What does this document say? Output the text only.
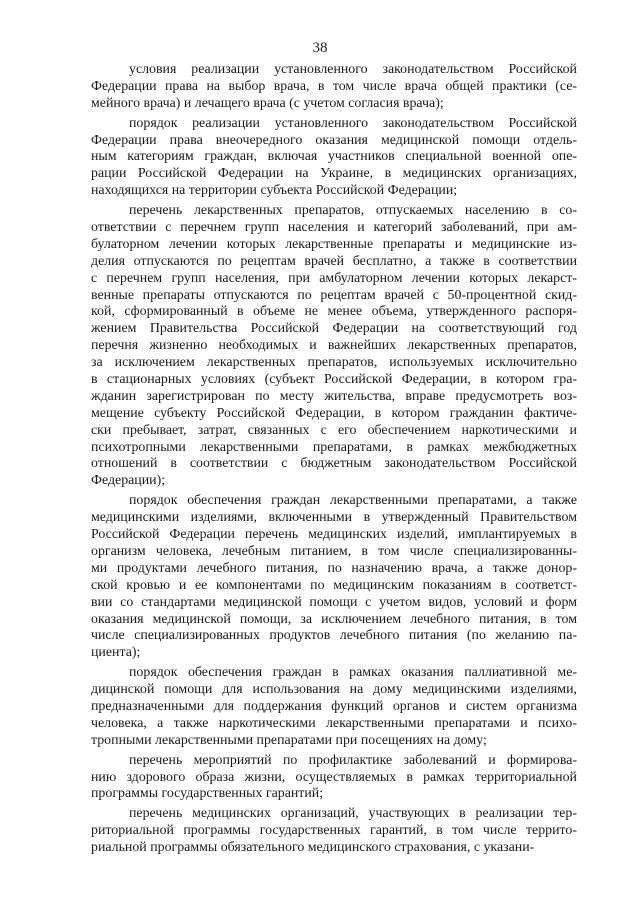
38
условия реализации установленного законодательством Российской
Федерации права на выбор врача, в том числе врача общей практики (се-
мейного врача) и лечащего врача (с учетом согласия врача);
порядок реализации установленного законодательством Российской
Федерации права внеочередного оказания медицинской помощи отдель-
ным категориям граждан, включая участников специальной военной опе-
рации Российской Федерации на Украине, в медицинских организациях,
находящихся на территории субъекта Российской Федерации;
перечень лекарственных препаратов, отпускаемых населению в со-
ответствии с перечнем групп населения и категорий заболеваний, при ам-
булаторном лечении которых лекарственные препараты и медицинские из-
делия отпускаются по рецептам врачей бесплатно, а также в соответствии
с перечнем групп населения, при амбулаторном лечении которых лекарст-
венные препараты отпускаются по рецептам врачей с 50-процентной скид-
кой, сформированный в объеме не менее объема, утвержденного распоря-
жением Правительства Российской Федерации на соответствующий год
перечня жизненно необходимых и важнейших лекарственных препаратов,
за исключением лекарственных препаратов, используемых исключительно
в стационарных условиях (субъект Российской Федерации, в котором гра-
жданин зарегистрирован по месту жительства, вправе предусмотреть воз-
мещение субъекту Российской Федерации, в котором гражданин фактиче-
ски пребывает, затрат, связанных с его обеспечением наркотическими и
психотропными лекарственными препаратами, в рамках межбюджетных
отношений в соответствии с бюджетным законодательством Российской
Федерации);
порядок обеспечения граждан лекарственными препаратами, а также
медицинскими изделиями, включенными в утвержденный Правительством
Российской Федерации перечень медицинских изделий, имплантируемых в
организм человека, лечебным питанием, в том числе специализированны-
ми продуктами лечебного питания, по назначению врача, а также донор-
ской кровью и ее компонентами по медицинским показаниям в соответст-
вии со стандартами медицинской помощи с учетом видов, условий и форм
оказания медицинской помощи, за исключением лечебного питания, в том
числе специализированных продуктов лечебного питания (по желанию па-
циента);
порядок обеспечения граждан в рамках оказания паллиативной ме-
дицинской помощи для использования на дому медицинскими изделиями,
предназначенными для поддержания функций органов и систем организма
человека, а также наркотическими лекарственными препаратами и психо-
тропными лекарственными препаратами при посещениях на дому;
перечень мероприятий по профилактике заболеваний и формирова-
нию здорового образа жизни, осуществляемых в рамках территориальной
программы государственных гарантий;
перечень медицинских организаций, участвующих в реализации тер-
риториальной программы государственных гарантий, в том числе террито-
риальной программы обязательного медицинского страхования, с указани-
